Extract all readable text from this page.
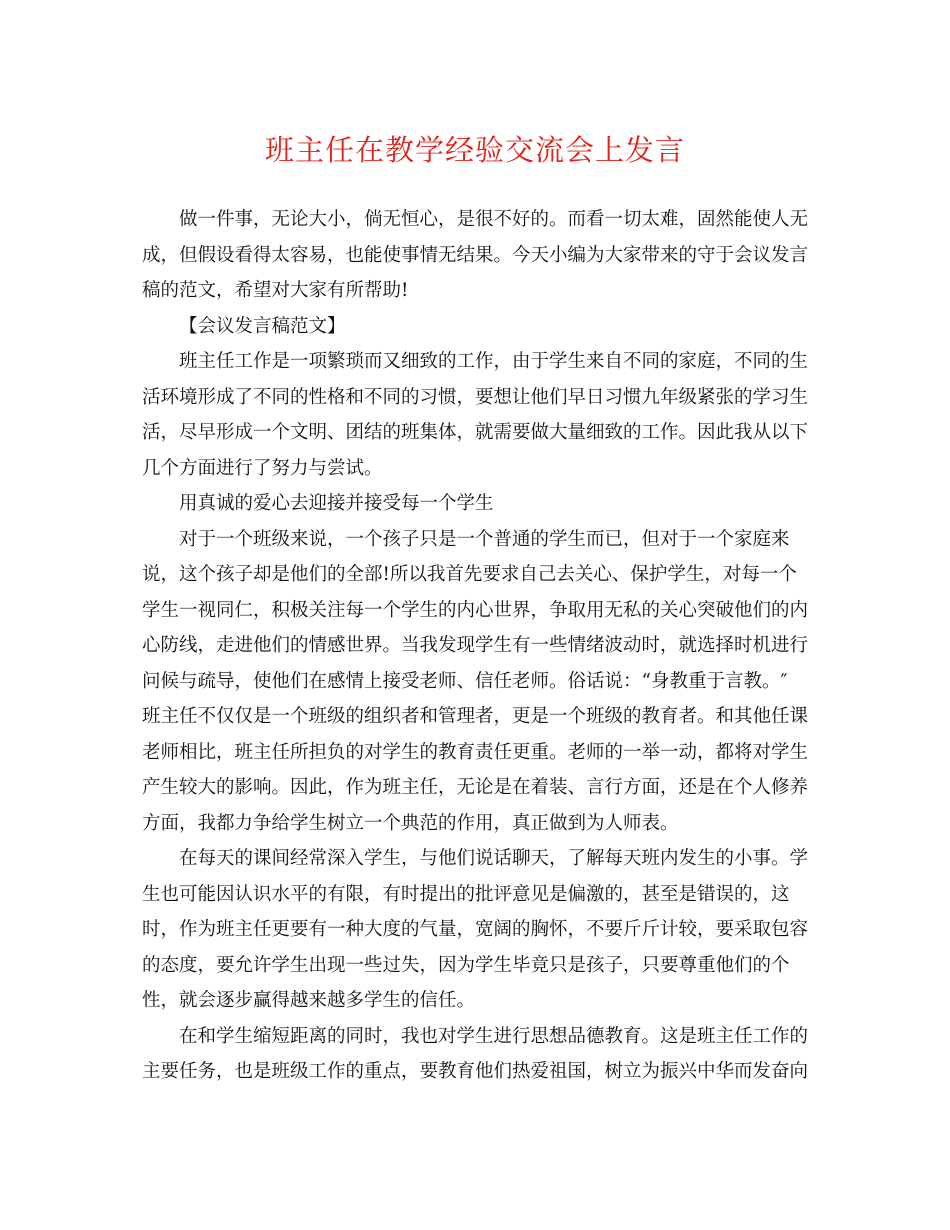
班主任在教学经验交流会上发言

做一件事，无论大小，倘无恒心，是很不好的。而看一切太难，固然能使人无
成，但假设看得太容易，也能使事情无结果。今天小编为大家带来的守于会议发言
稿的范文，希望对大家有所帮助!

【会议发言稿范文】

班主任工作是一项繁琐而又细致的工作，由于学生来自不同的家庭，不同的生
活环境形成了不同的性格和不同的习惯，要想让他们早日习惯九年级紧张的学习生
活，尽早形成一个文明、团结的班集体，就需要做大量细致的工作。因此我从以下
几个方面进行了努力与尝试。

用真诚的爱心去迎接并接受每一个学生

对于一个班级来说，一个孩子只是一个普通的学生而已，但对于一个家庭来
说，这个孩子却是他们的全部!所以我首先要求自己去关心、保护学生，对每一个
学生一视同仁，积极关注每一个学生的内心世界，争取用无私的关心突破他们的内
心防线，走进他们的情感世界。当我发现学生有一些情绪波动时，就选择时机进行
问候与疏导，使他们在感情上接受老师、信任老师。俗话说：“身教重于言教。″
班主任不仅仅是一个班级的组织者和管理者，更是一个班级的教育者。和其他任课
老师相比，班主任所担负的对学生的教育责任更重。老师的一举一动，都将对学生
产生较大的影响。因此，作为班主任，无论是在着装、言行方面，还是在个人修养
方面，我都力争给学生树立一个典范的作用，真正做到为人师表。

在每天的课间经常深入学生，与他们说话聊天，了解每天班内发生的小事。学
生也可能因认识水平的有限，有时提出的批评意见是偏激的，甚至是错误的，这
时，作为班主任更要有一种大度的气量，宽阔的胸怀，不要斤斤计较，要采取包容
的态度，要允许学生出现一些过失，因为学生毕竟只是孩子，只要尊重他们的个
性，就会逐步赢得越来越多学生的信任。

在和学生缩短距离的同时，我也对学生进行思想品德教育。这是班主任工作的
主要任务，也是班级工作的重点，要教育他们热爱祖国，树立为振兴中华而发奋向
